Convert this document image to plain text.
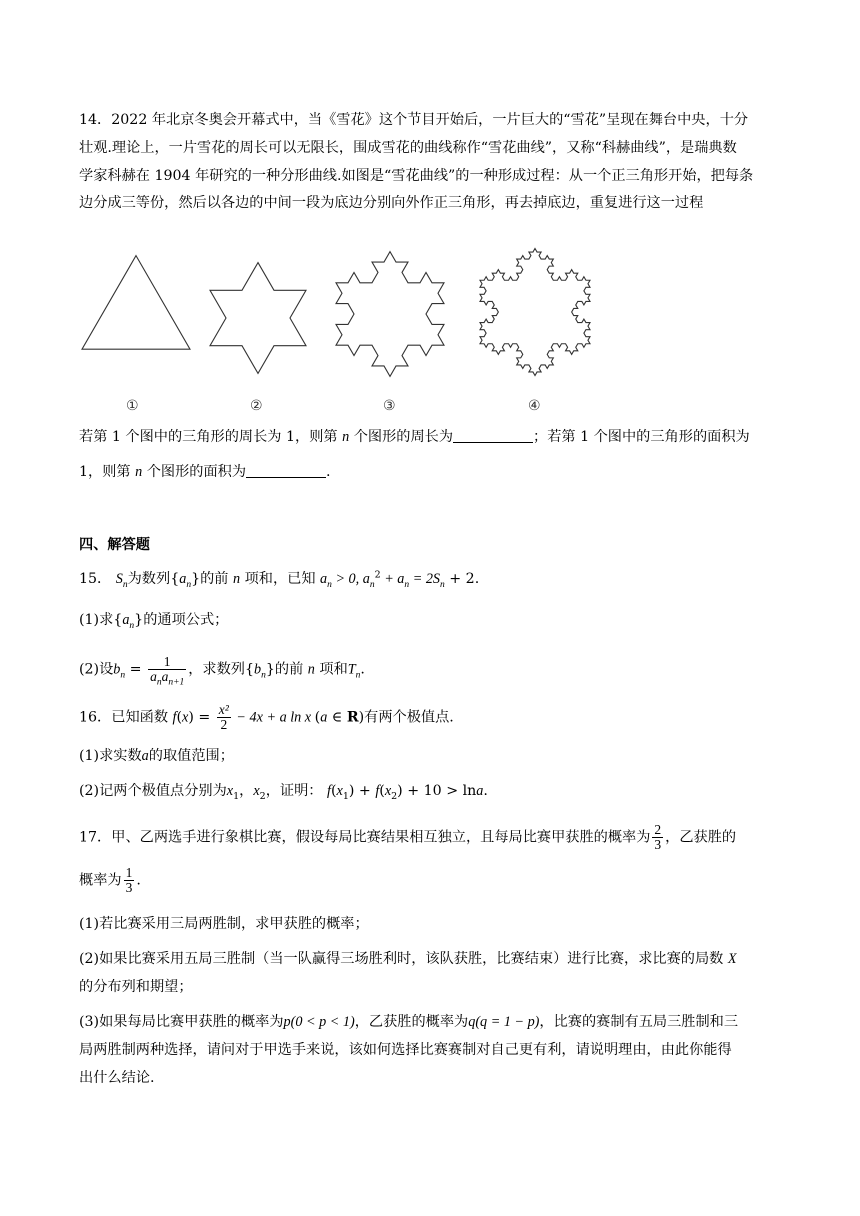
14．2022 年北京冬奥会开幕式中，当《雪花》这个节目开始后，一片巨大的“雪花”呈现在舞台中央，十分
壮观.理论上，一片雪花的周长可以无限长，围成雪花的曲线称作“雪花曲线”，又称“科赫曲线”，是瑞典数
学家科赫在 1904 年研究的一种分形曲线.如图是“雪花曲线”的一种形成过程：从一个正三角形开始，把每条
边分成三等份，然后以各边的中间一段为底边分别向外作正三角形，再去掉底边，重复进行这一过程
①	②	③	④
若第 1 个图中的三角形的周长为 1，则第 n 个图形的周长为	；若第 1 个图中的三角形的面积为
1，则第 n 个图形的面积为	.
四、解答题
15． $S_n$为数列$\{a_n\}$的前 n 项和，已知 $a_n > 0$, $a_n^2 + a_n = 2S_n + 2$.
(1)求$\{a_n\}$的通项公式；
(2)设$b_n = \frac{1}{a_na_{n+1}}$ ，求数列$\{b_n\}$的前 n 项和$T_n$.
16．已知函数 $f(x) = \frac{\text{x²}}{2} - 4x + a$ ln x (a ∈ R)有两个极值点.
(1)求实数a的取值范围；
(2)记两个极值点分别为$x_1$，$x_2$，证明： $f(x_1) + f(x_2) + 10 > \ln a$.
17．甲、乙两选手进行象棋比赛，假设每局比赛结果相互独立，且每局比赛甲获胜的概率为 $\frac{2}{3}$ ，乙获胜的
概率为 $\frac{1}{3}$ .
(1)若比赛采用三局两胜制，求甲获胜的概率；
(2)如果比赛采用五局三胜制（当一队赢得三场胜利时，该队获胜，比赛结束）进行比赛，求比赛的局数 X
的分布列和期望；
(3)如果每局比赛甲获胜的概率为p(0 < p < 1)，乙获胜的概率为q(q = 1 − p)，比赛的赛制有五局三胜制和三
局两胜制两种选择，请问对于甲选手来说，该如何选择比赛赛制对自己更有利，请说明理由，由此你能得
出什么结论.
